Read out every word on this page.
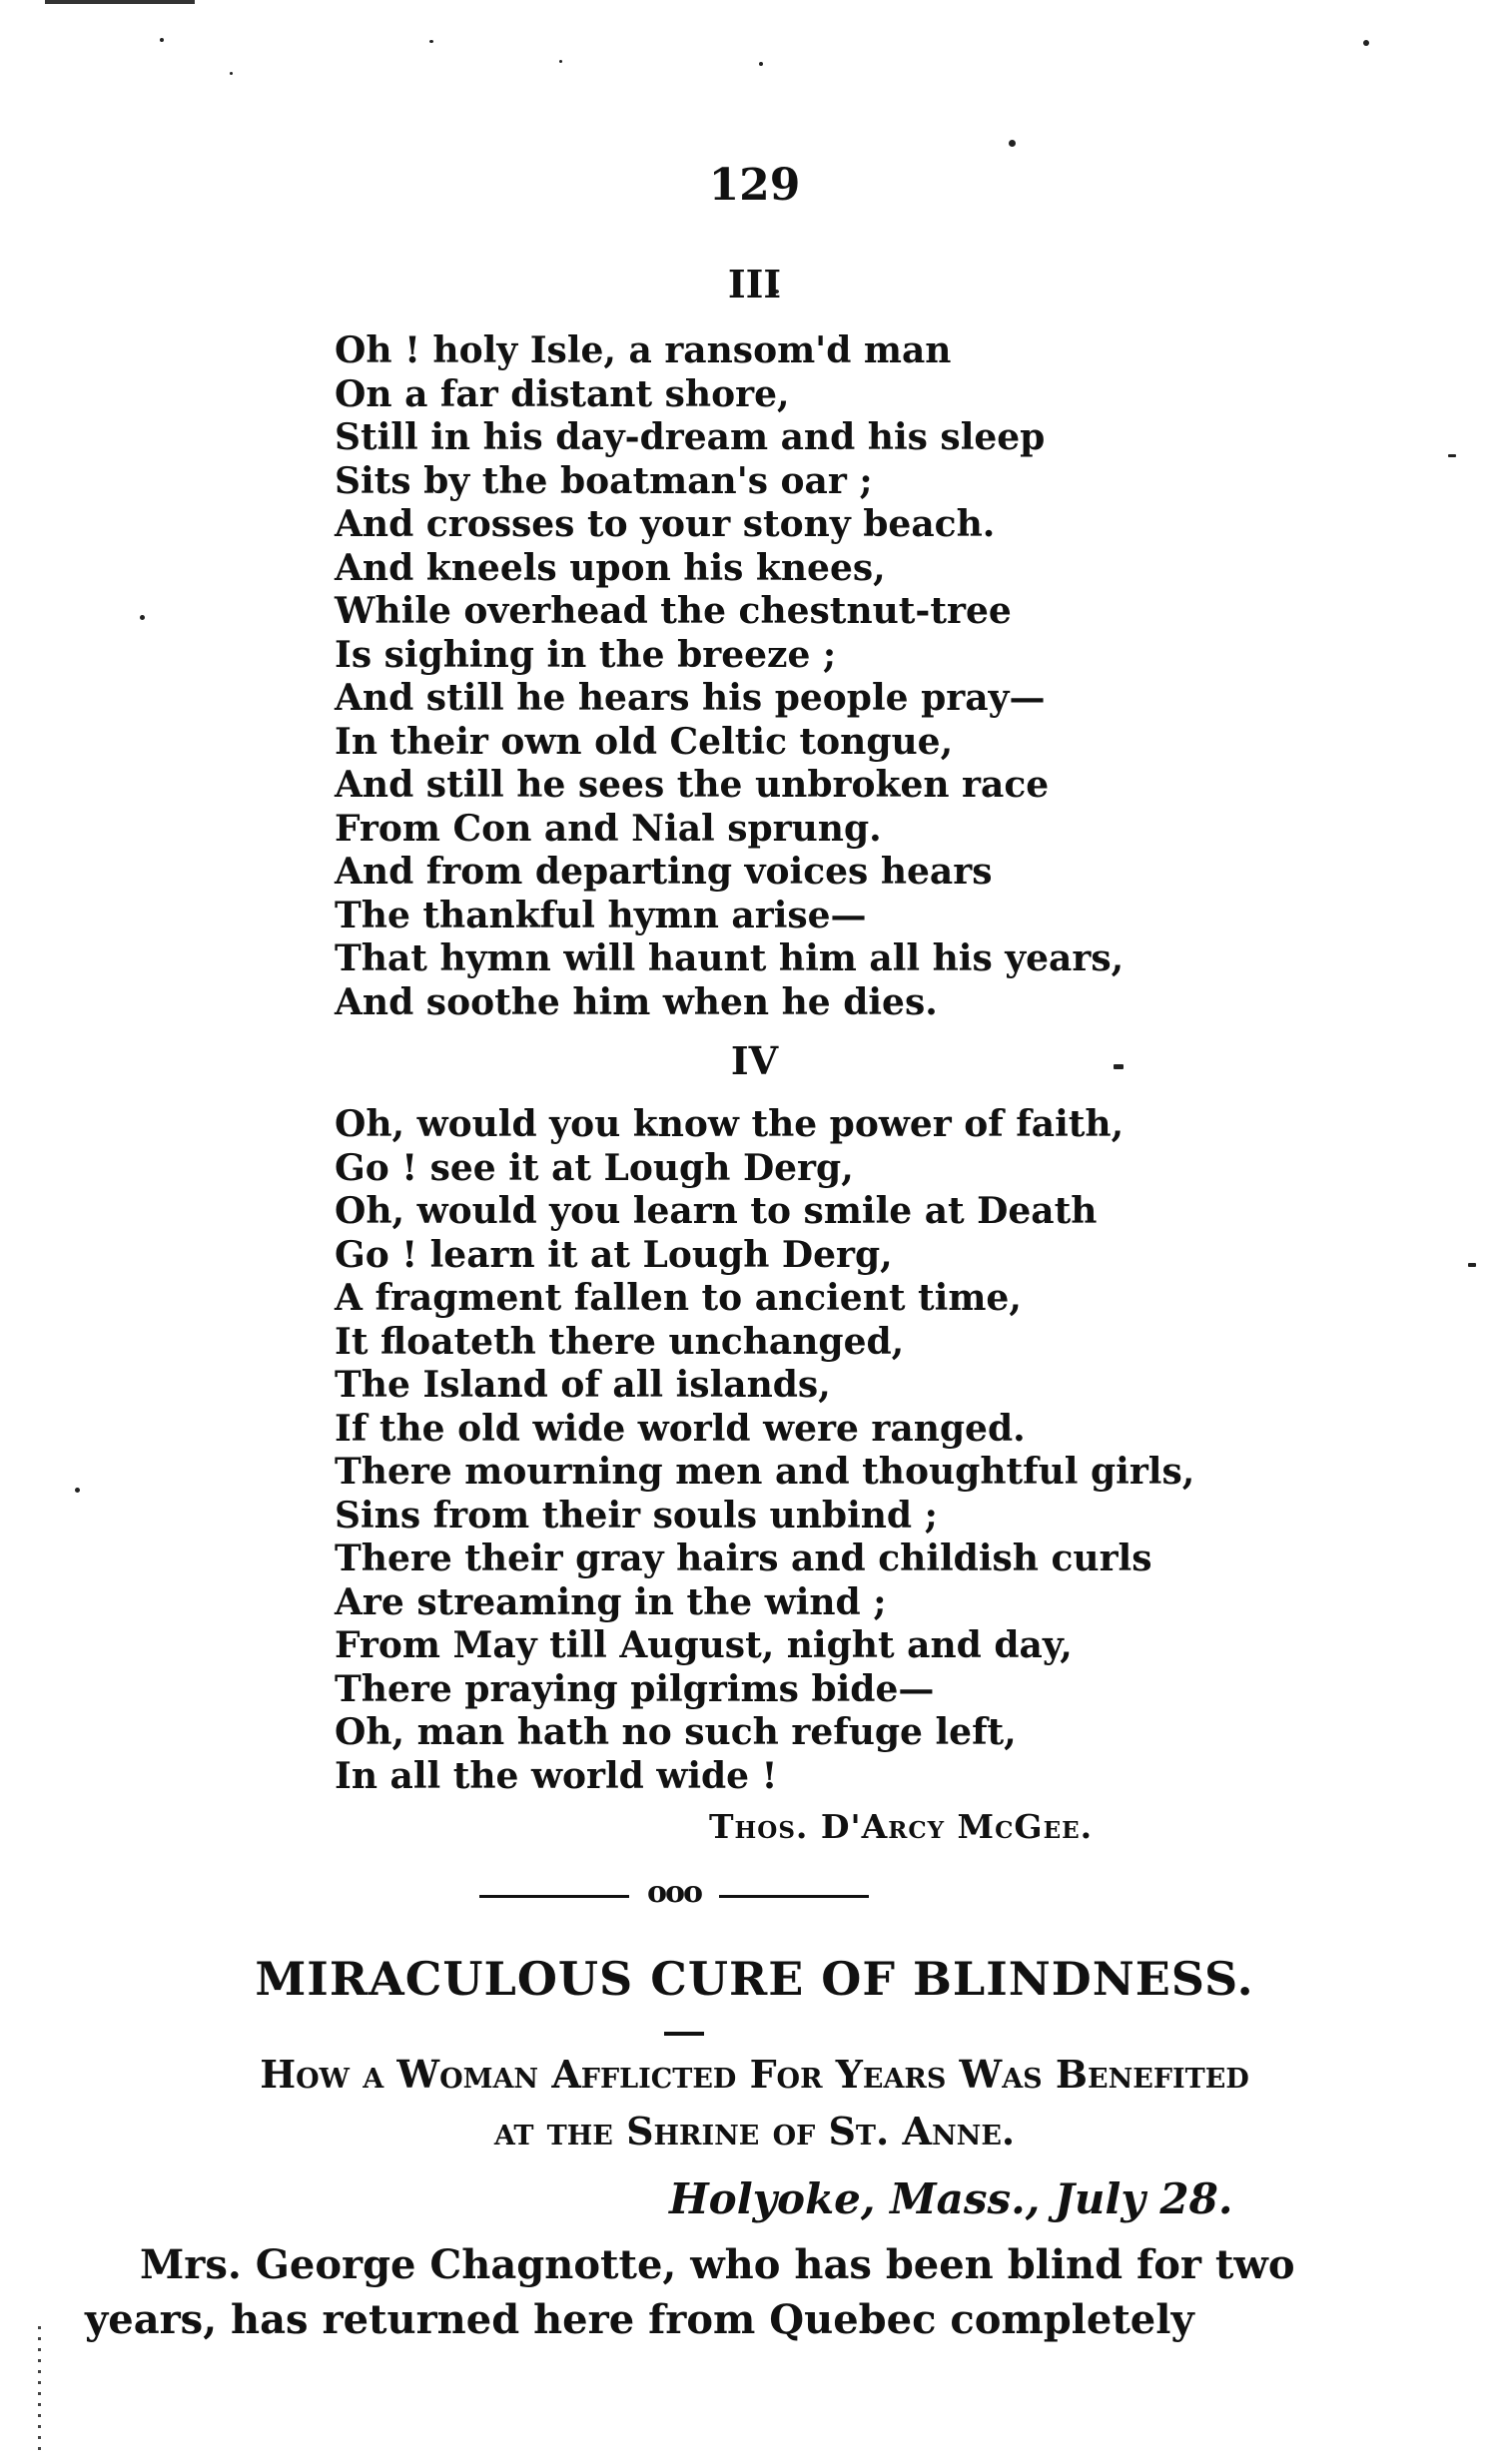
129
III
Oh ! holy Isle, a ransom'd man
On a far distant shore,
Still in his day-dream and his sleep
Sits by the boatman's oar ;
And crosses to your stony beach.
And kneels upon his knees,
While overhead the chestnut-tree
Is sighing in the breeze ;
And still he hears his people pray—
In their own old Celtic tongue,
And still he sees the unbroken race
From Con and Nial sprung.
And from departing voices hears
The thankful hymn arise—
That hymn will haunt him all his years,
And soothe him when he dies.
IV
Oh, would you know the power of faith,
Go ! see it at Lough Derg,
Oh, would you learn to smile at Death
Go ! learn it at Lough Derg,
A fragment fallen to ancient time,
It floateth there unchanged,
The Island of all islands,
If the old wide world were ranged.
There mourning men and thoughtful girls,
Sins from their souls unbind ;
There their gray hairs and childish curls
Are streaming in the wind ;
From May till August, night and day,
There praying pilgrims bide—
Oh, man hath no such refuge left,
In all the world wide !
Thos. D'Arcy McGee.
ooo
MIRACULOUS CURE OF BLINDNESS.
How a Woman Afflicted For Years Was Benefited
at the Shrine of St. Anne.
Holyoke, Mass., July 28.
Mrs. George Chagnotte, who has been blind for two
years, has returned here from Quebec completely
